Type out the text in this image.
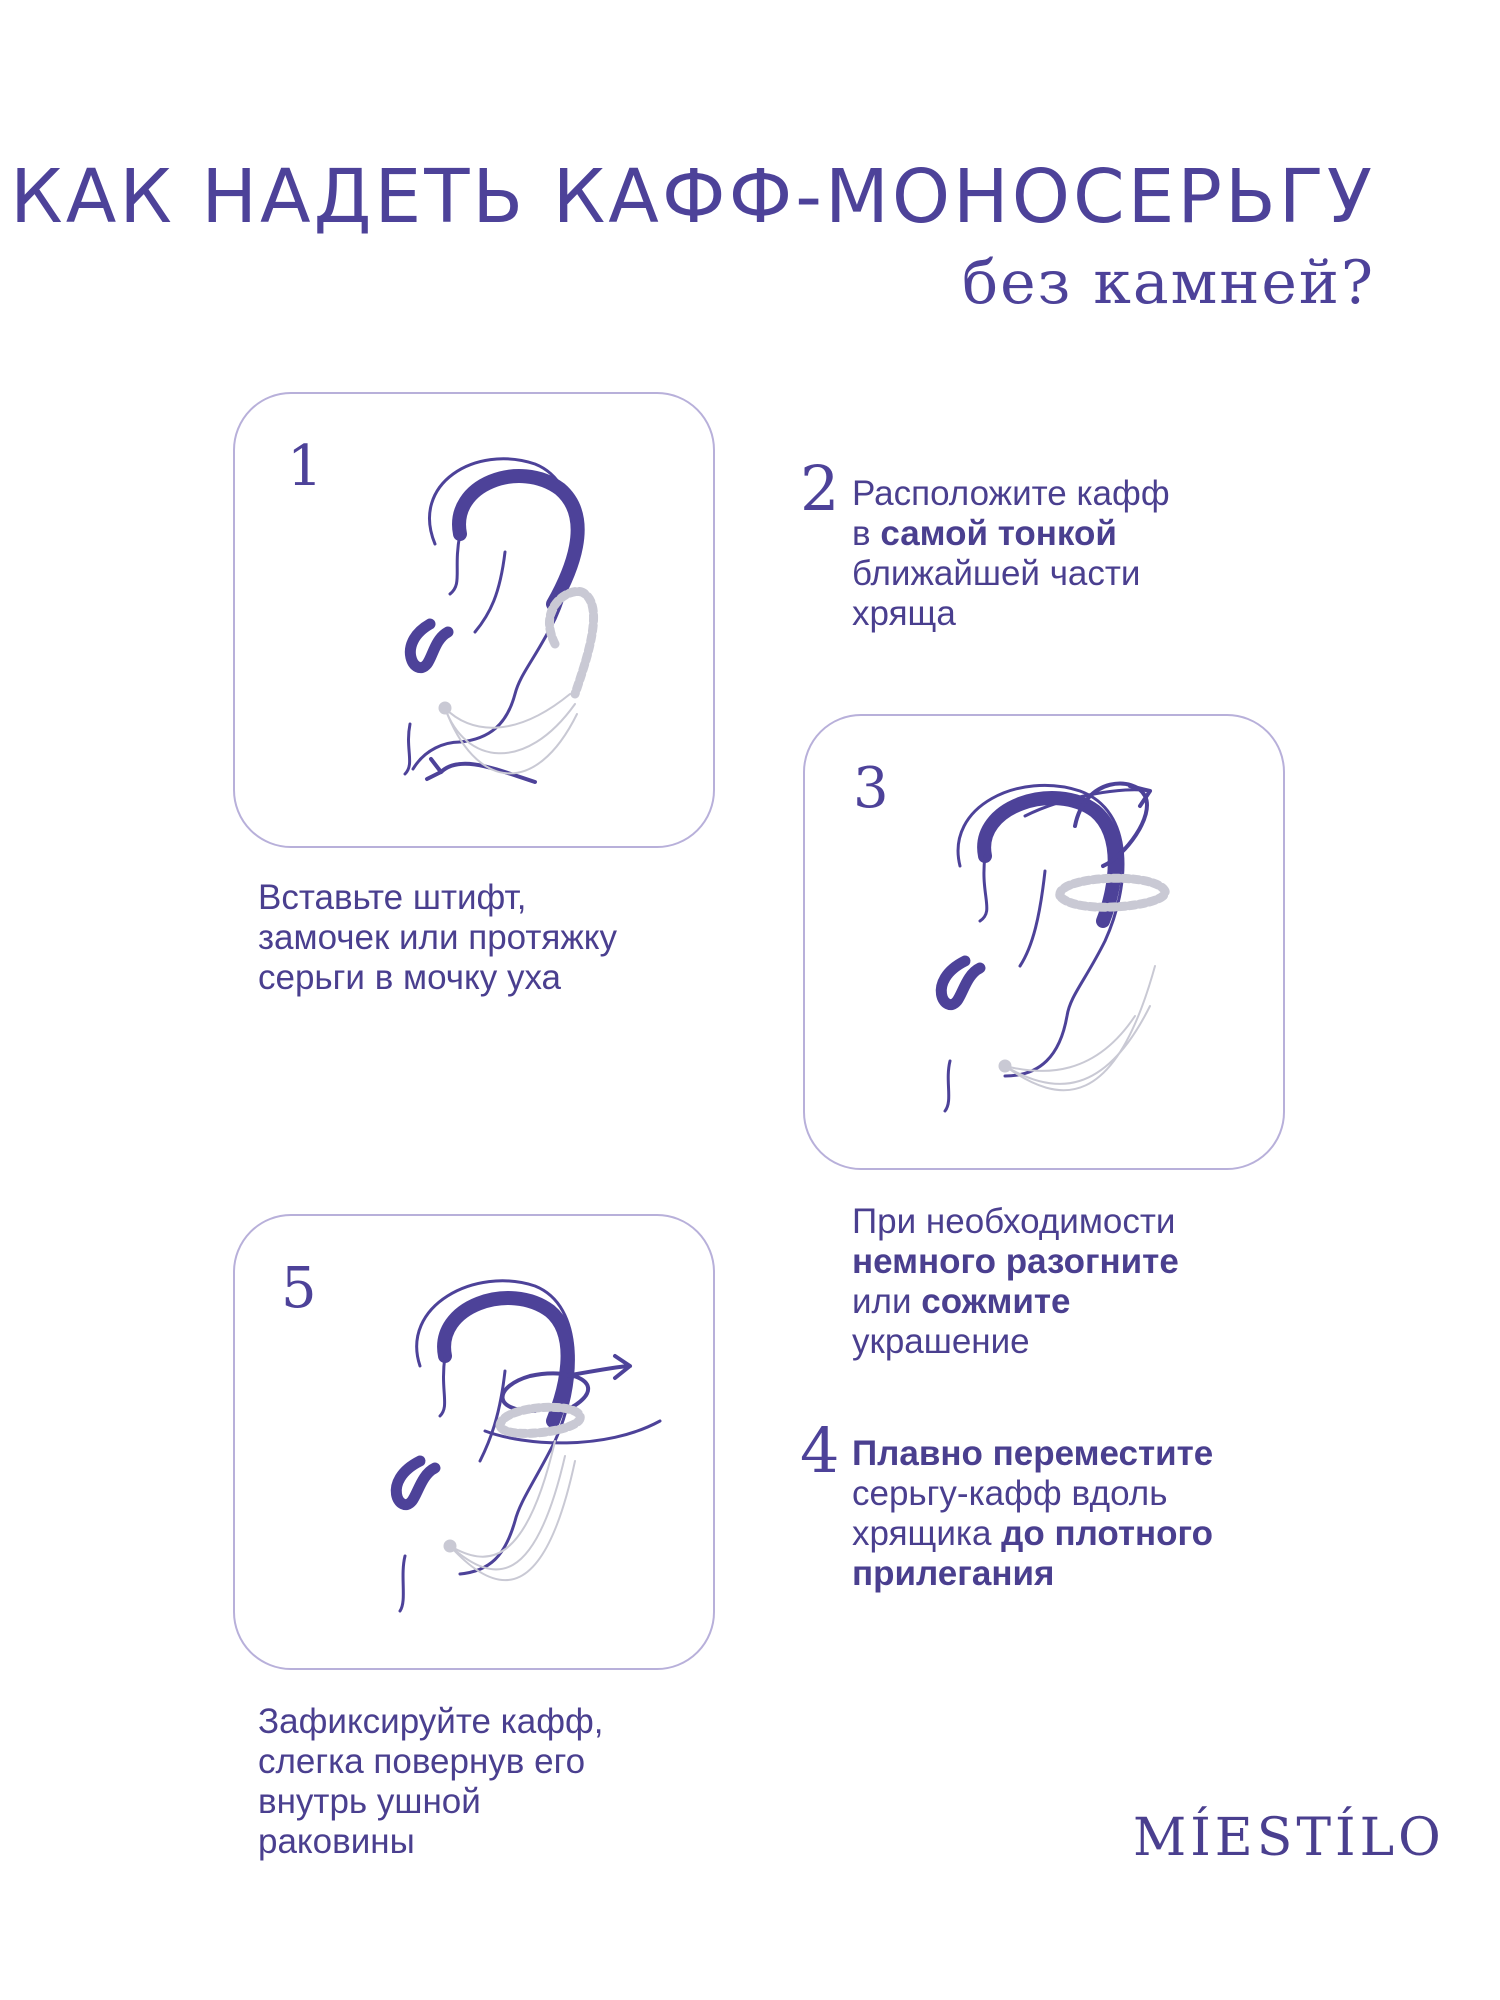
КАК НАДЕТЬ КАФФ-МОНОСЕРЬГУ
без камней?
1
Вставьте штифт,
замочек или протяжку
серьги в мочку уха
2 Расположите кафф
в самой тонкой
ближайшей части
хряща
3
При необходимости
немного разогните
или сожмите
украшение
4 Плавно переместите
серьгу-кафф вдоль
хрящика до плотного
прилегания
5
Зафиксируйте кафф,
слегка повернув его
внутрь ушной
раковины	MÍESTÍLO
